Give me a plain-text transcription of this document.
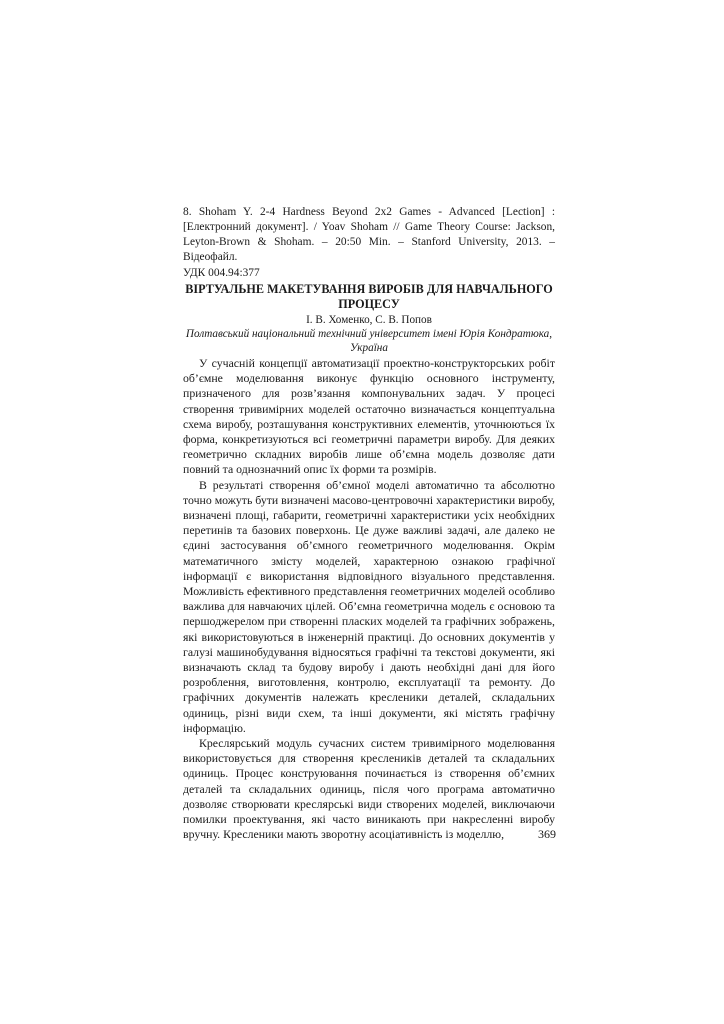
8. Shoham Y. 2-4 Hardness Beyond 2x2 Games - Advanced [Lection] : [Електронний документ]. / Yoav Shoham // Game Theory Course: Jackson, Leyton-Brown & Shoham. – 20:50 Min. – Stanford University, 2013. – Відеофайл.
УДК 004.94:377
ВІРТУАЛЬНЕ МАКЕТУВАННЯ ВИРОБІВ ДЛЯ НАВЧАЛЬНОГО ПРОЦЕСУ
І. В. Хоменко, С. В. Попов
Полтавський національний технічний університет імені Юрія Кондратюка, Україна

У сучасній концепції автоматизації проектно-конструкторських робіт об’ємне моделювання виконує функцію основного інструменту, призначеного для розв’язання компонувальних задач. У процесі створення тривимірних моделей остаточно визначається концептуальна схема виробу, розташування конструктивних елементів, уточнюються їх форма, конкретизуються всі геометричні параметри виробу. Для деяких геометрично складних виробів лише об’ємна модель дозволяє дати повний та однозначний опис їх форми та розмірів.

В результаті створення об’ємної моделі автоматично та абсолютно точно можуть бути визначені масово-центровочні характеристики виробу, визначені площі, габарити, геометричні характеристики усіх необхідних перетинів та базових поверхонь. Це дуже важливі задачі, але далеко не єдині застосування об’ємного геометричного моделювання. Окрім математичного змісту моделей, характерною ознакою графічної інформації є використання відповідного візуального представлення. Можливість ефективного представлення геометричних моделей особливо важлива для навчаючих цілей. Об’ємна геометрична модель є основою та першоджерелом при створенні пласких моделей та графічних зображень, які використовуються в інженерній практиці. До основних документів у галузі машинобудування відносяться графічні та текстові документи, які визначають склад та будову виробу і дають необхідні дані для його розроблення, виготовлення, контролю, експлуатації та ремонту. До графічних документів належать кресленики деталей, складальних одиниць, різні види схем, та інші документи, які містять графічну інформацію.

Креслярський модуль сучасних систем тривимірного моделювання використовується для створення креслеників деталей та складальних одиниць. Процес конструювання починається із створення об’ємних деталей та складальних одиниць, після чого програма автоматично дозволяє створювати креслярські види створених моделей, виключаючи помилки проектування, які часто виникають при накресленні виробу вручну. Кресленики мають зворотну асоціативність із моделлю,	369
